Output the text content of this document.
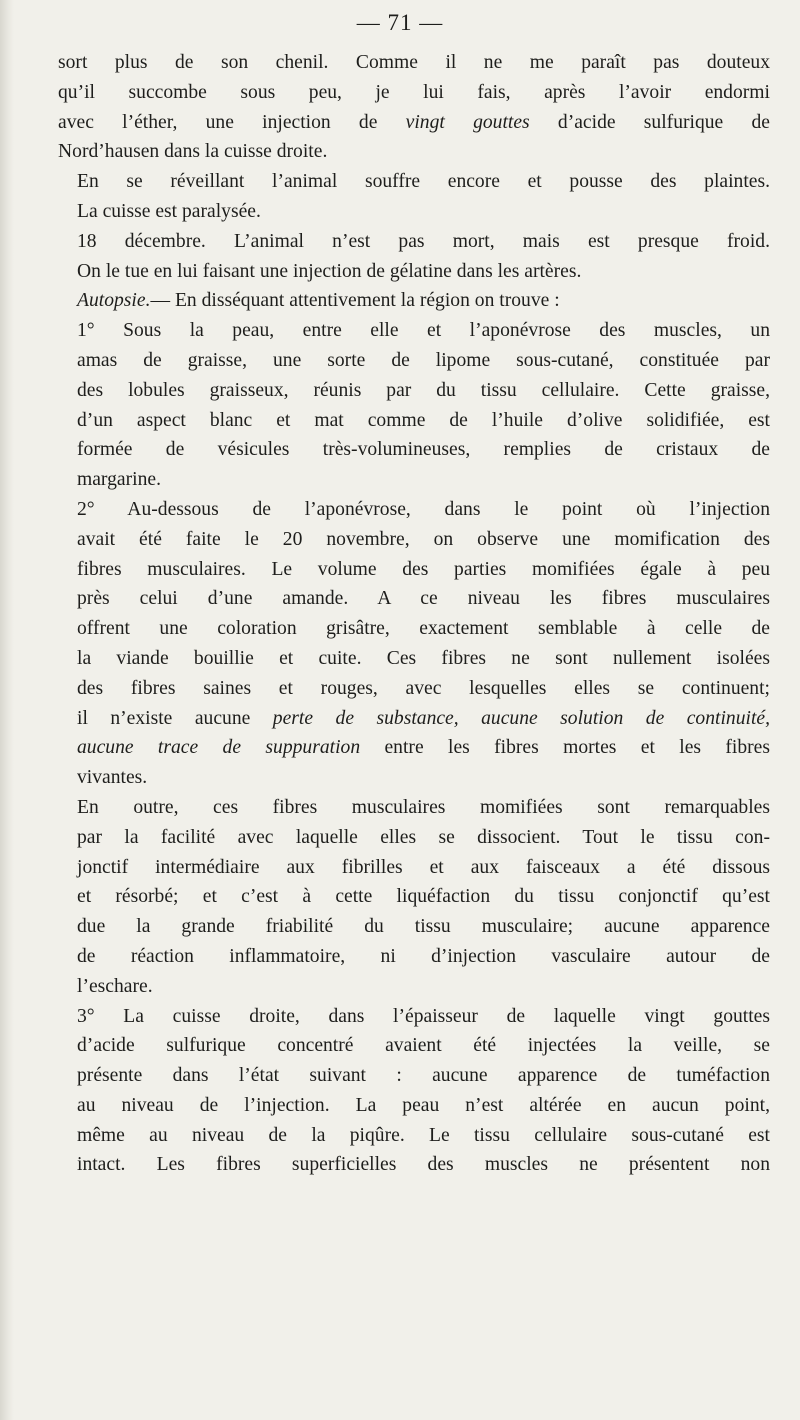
— 71 —

sort plus de son chenil. Comme il ne me paraît pas douteux
qu’il succombe sous peu, je lui fais, après l’avoir endormi
avec l’éther, une injection de vingt gouttes d’acide sulfurique de
Nord’hausen dans la cuisse droite.

En se réveillant l’animal souffre encore et pousse des plaintes.
La cuisse est paralysée.

18 décembre. L’animal n’est pas mort, mais est presque froid.
On le tue en lui faisant une injection de gélatine dans les artères.

Autopsie.— En disséquant attentivement la région on trouve :

1° Sous la peau, entre elle et l’aponévrose des muscles, un
amas de graisse, une sorte de lipome sous-cutané, constituée par
des lobules graisseux, réunis par du tissu cellulaire. Cette graisse,
d’un aspect blanc et mat comme de l’huile d’olive solidifiée, est
formée de vésicules très-volumineuses, remplies de cristaux de
margarine.

2° Au-dessous de l’aponévrose, dans le point où l’injection
avait été faite le 20 novembre, on observe une momification des
fibres musculaires. Le volume des parties momifiées égale à peu
près celui d’une amande. A ce niveau les fibres musculaires
offrent une coloration grisâtre, exactement semblable à celle de
la viande bouillie et cuite. Ces fibres ne sont nullement isolées
des fibres saines et rouges, avec lesquelles elles se continuent;
il n’existe aucune perte de substance, aucune solution de continuité,
aucune trace de suppuration entre les fibres mortes et les fibres
vivantes.

En outre, ces fibres musculaires momifiées sont remarquables
par la facilité avec laquelle elles se dissocient. Tout le tissu con-
jonctif intermédiaire aux fibrilles et aux faisceaux a été dissous
et résorbé; et c’est à cette liquéfaction du tissu conjonctif qu’est
due la grande friabilité du tissu musculaire; aucune apparence
de réaction inflammatoire, ni d’injection vasculaire autour de
l’eschare.

3° La cuisse droite, dans l’épaisseur de laquelle vingt gouttes
d’acide sulfurique concentré avaient été injectées la veille, se
présente dans l’état suivant : aucune apparence de tuméfaction
au niveau de l’injection. La peau n’est altérée en aucun point,
même au niveau de la piqûre. Le tissu cellulaire sous-cutané est
intact. Les fibres superficielles des muscles ne présentent non
